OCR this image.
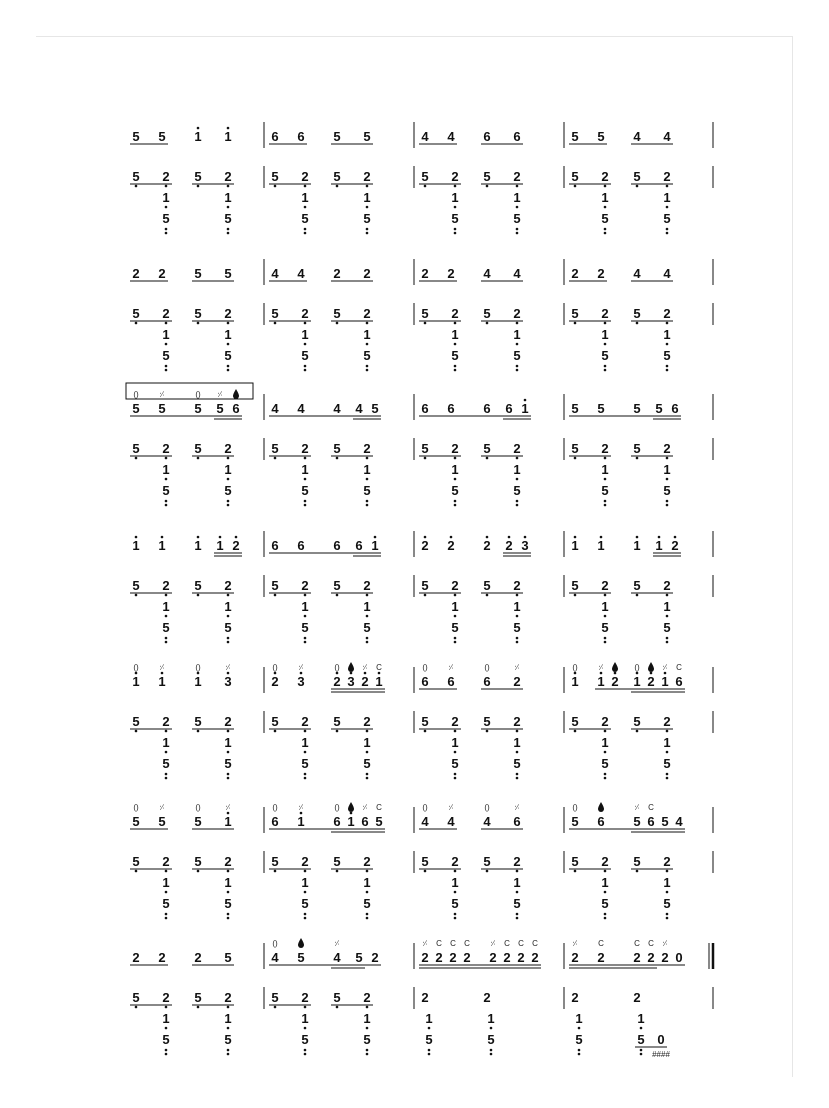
5 5 1 1
5 2
1
5
5 2
1
5
6 6 5 5
5 2
1
5
5 2
1
5
4 4 6 6
5 2
1
5
5 2
1
5
5 5 4 4
5 2
1
5
5 2
1
5
2 2 5 5
5 2
1
5
5 2
1
5
4 4 2 2
5 2
1
5
5 2
1
5
2 2 4 4
5 2
1
5
5 2
1
5
2 2 4 4
5 2
1
5
5 2
1
5
5 5 5 5 6
()	⸓	() ⸓
5 2
1
5
5 2
1
5
4 4 4 4 5
5 2
1
5
5 2
1
5
6 6 6 6 1
5 2
1
5
5 2
1
5
5 5 5 5 6
5 2
1
5
5 2
1
5
1 1 1 1 2
5 2
1
5
5 2
1
5
6 6 6 6 1
5 2
1
5
5 2
1
5
2 2 2 2 3
5 2
1
5
5 2
1
5
1 1 1 1 2
5 2
1
5
5 2
1
5
1 1 1 3
()	⸓	()	⸓
5 2
1
5
5 2
1
5
2 3 2 3 2 1
()	⸓	()	⸓ C
5 2
1
5
5 2
1
5
6 6 6 2
()	⸓	()	⸓
5 2
1
5
5 2
1
5
1 1 2 1 2 1 6
()	⸓	()	⸓ C
5 2
1
5
5 2
1
5
5 5 5 1
()	⸓	()	⸓
5 2
1
5
5 2
1
5
6 1 6 1 6 5
()	⸓	()	⸓ C
5 2
1
5
5 2
1
5
4 4 4 6
()	⸓	()	⸓
5 2
1
5
5 2
1
5
5 6 5 6 5 4
()	⸓ C
5 2
1
5
5 2
1
5
2 2 2 5
5 2
1
5
5 2
1
5
4 5 4 5 2
()	⸓
5 2
1
5
5 2
1
5
2 2 2 2 2 2 2 2
⸓ C C C	⸓ C C C
2
1
5
2
1
5
2 2 2 2 2 0
⸓	C	C C ⸓
2
1
5
2
1
5 0
####
